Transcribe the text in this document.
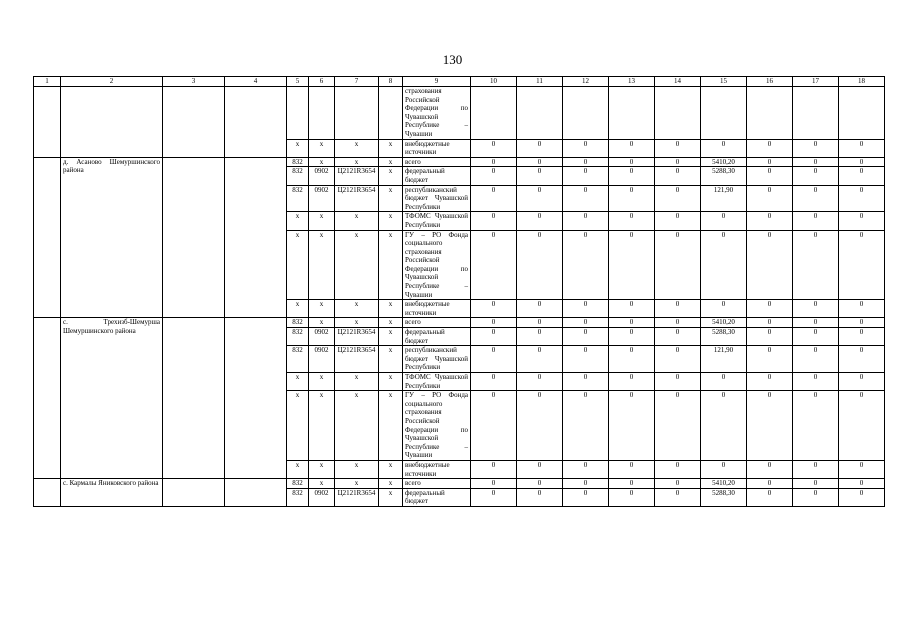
130
1	2	3	4	5	6	7	8	9	10	11	12	13	14	15	16	17	18
								страхования Российской Федерации по Чувашской Республике – Чувашии									
				x	x	x	x	внебюджетные источники	0	0	0	0	0	0	0	0	0
	д. Асаново Шемуршинского района			832	x	x	x	всего	0	0	0	0	0	5410,20	0	0	0
				832	0902	Ц2121R3654	x	федеральный бюджет	0	0	0	0	0	5288,30	0	0	0
				832	0902	Ц2121R3654	x	республиканский бюджет Чувашской Республики	0	0	0	0	0	121,90	0	0	0
				x	x	x	x	ТФОМС Чувашской Республики	0	0	0	0	0	0	0	0	0
				x	x	x	x	ГУ – РО Фонда социального страхования Российской Федерации по Чувашской Республике – Чувашии	0	0	0	0	0	0	0	0	0
				x	x	x	x	внебюджетные источники	0	0	0	0	0	0	0	0	0
	с. Трехизб-Шемурша Шемуршинского района			832	x	x	x	всего	0	0	0	0	0	5410,20	0	0	0
				832	0902	Ц2121R3654	x	федеральный бюджет	0	0	0	0	0	5288,30	0	0	0
				832	0902	Ц2121R3654	x	республиканский бюджет Чувашской Республики	0	0	0	0	0	121,90	0	0	0
				x	x	x	x	ТФОМС Чувашской Республики	0	0	0	0	0	0	0	0	0
				x	x	x	x	ГУ – РО Фонда социального страхования Российской Федерации по Чувашской Республике – Чувашии	0	0	0	0	0	0	0	0	0
				x	x	x	x	внебюджетные источники	0	0	0	0	0	0	0	0	0
	с. Кармалы Яниковского района			832	x	x	x	всего	0	0	0	0	0	5410,20	0	0	0
				832	0902	Ц2121R3654	x	федеральный бюджет	0	0	0	0	0	5288,30	0	0	0
